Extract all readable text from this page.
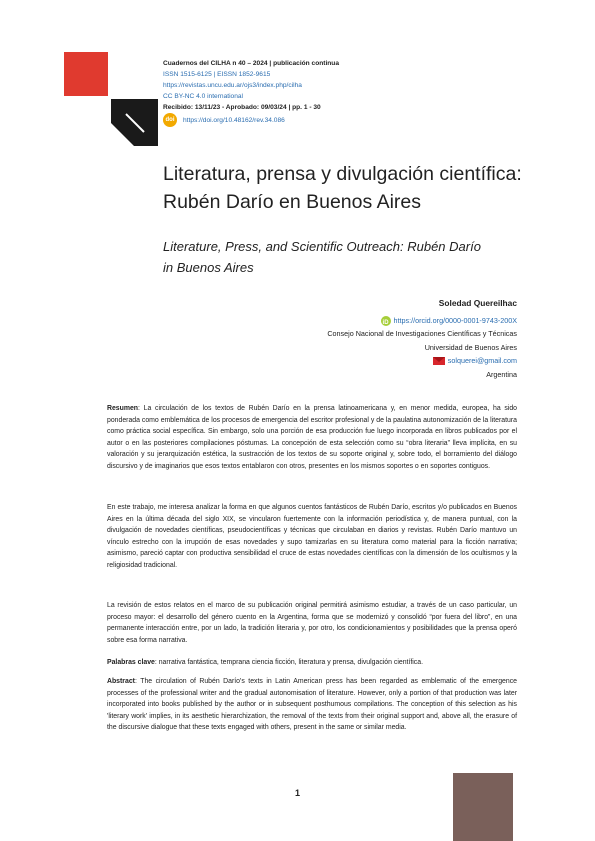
Cuadernos del CILHA n 40 – 2024 | publicación continua
ISSN 1515-6125 | EISSN 1852-9615
https://revistas.uncu.edu.ar/ojs3/index.php/cilha
CC BY-NC 4.0 international
Recibido: 13/11/23 - Aprobado: 09/03/24 | pp. 1 - 30
doi	https://doi.org/10.48162/rev.34.086
Literatura, prensa y divulgación científica:
Rubén Darío en Buenos Aires
Literature, Press, and Scientific Outreach: Rubén Darío
in Buenos Aires
Soledad Quereilhac
iD https://orcid.org/0000-0001-9743-200X
Consejo Nacional de Investigaciones Científicas y Técnicas
Universidad de Buenos Aires
solquerei@gmail.com
Argentina
Resumen: La circulación de los textos de Rubén Darío en la prensa latinoamericana y, en menor medida, europea, ha sido ponderada como emblemática de los procesos de emergencia del escritor profesional y de la paulatina autonomización de la literatura como práctica social específica. Sin embargo, solo una porción de esa producción fue luego incorporada en libros publicados por el autor o en las posteriores compilaciones póstumas. La concepción de esta selección como su “obra literaria” lleva implícita, en su valoración y su jerarquización estética, la sustracción de los textos de su soporte original y, sobre todo, el borramiento del diálogo discursivo y de imaginarios que esos textos entablaron con otros, presentes en los mismos soportes o en soportes contiguos.
En este trabajo, me interesa analizar la forma en que algunos cuentos fantásticos de Rubén Darío, escritos y/o publicados en Buenos Aires en la última década del siglo XIX, se vincularon fuertemente con la información periodística y, de manera puntual, con la divulgación de novedades científicas, pseudocientíficas y técnicas que circulaban en diarios y revistas. Rubén Darío mantuvo un vínculo estrecho con la irrupción de esas novedades y supo tamizarlas en su literatura como material para la ficción narrativa; asimismo, pareció captar con productiva sensibilidad el cruce de estas novedades científicas con la dimensión de los ocultismos y la religiosidad tradicional.
La revisión de estos relatos en el marco de su publicación original permitirá asimismo estudiar, a través de un caso particular, un proceso mayor: el desarrollo del género cuento en la Argentina, forma que se modernizó y consolidó “por fuera del libro”, en una permanente interacción entre, por un lado, la tradición literaria y, por otro, los condicionamientos y posibilidades que la prensa operó sobre esa forma narrativa.
Palabras clave: narrativa fantástica, temprana ciencia ficción, literatura y prensa, divulgación científica.
Abstract: The circulation of Rubén Darío's texts in Latin American press has been regarded as emblematic of the emergence processes of the professional writer and the gradual autonomisation of literature. However, only a portion of that production was later incorporated into books published by the author or in subsequent posthumous compilations. The conception of this selection as his 'literary work' implies, in its aesthetic hierarchization, the removal of the texts from their original support and, above all, the erasure of the discursive dialogue that these texts engaged with others, present in the same or similar media.
1
